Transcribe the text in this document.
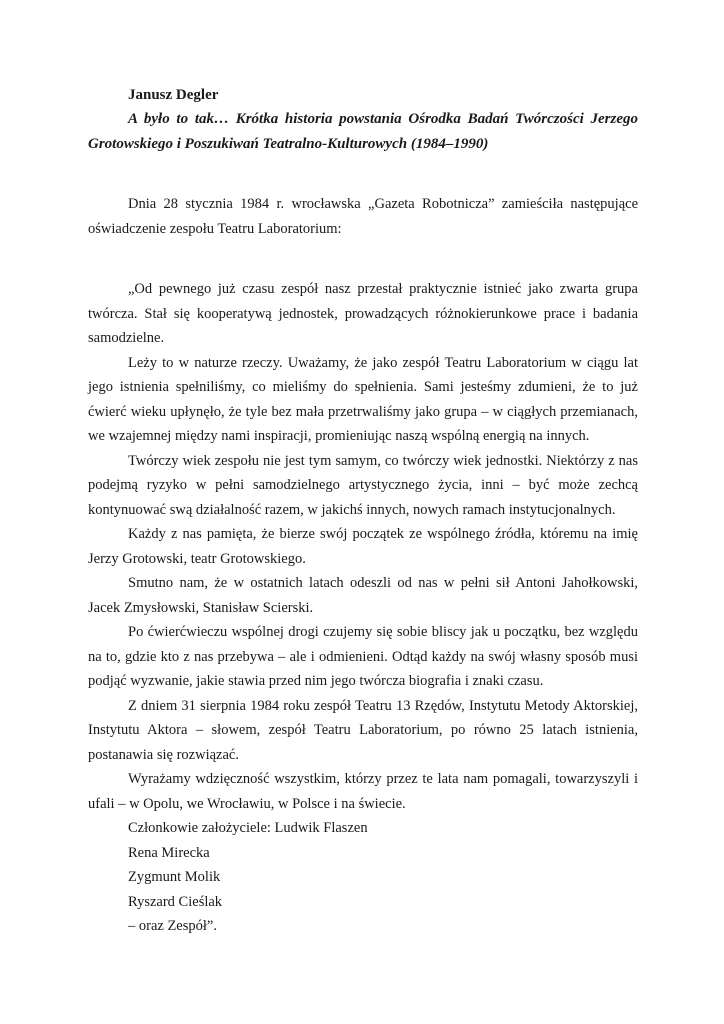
Janusz Degler

A było to tak… Krótka historia powstania Ośrodka Badań Twórczości Jerzego Grotowskiego i Poszukiwań Teatralno-Kulturowych (1984–1990)

Dnia 28 stycznia 1984 r. wrocławska „Gazeta Robotnicza” zamieściła następujące oświadczenie zespołu Teatru Laboratorium:

„Od pewnego już czasu zespół nasz przestał praktycznie istnieć jako zwarta grupa twórcza. Stał się kooperatywą jednostek, prowadzących różnokierunkowe prace i badania samodzielne.

Leży to w naturze rzeczy. Uważamy, że jako zespół Teatru Laboratorium w ciągu lat jego istnienia spełniliśmy, co mieliśmy do spełnienia. Sami jesteśmy zdumieni, że to już ćwierć wieku upłynęło, że tyle bez mała przetrwaliśmy jako grupa – w ciągłych przemianach, we wzajemnej między nami inspiracji, promieniując naszą wspólną energią na innych.

Twórczy wiek zespołu nie jest tym samym, co twórczy wiek jednostki. Niektórzy z nas podejmą ryzyko w pełni samodzielnego artystycznego życia, inni – być może zechcą kontynuować swą działalność razem, w jakichś innych, nowych ramach instytucjonalnych.

Każdy z nas pamięta, że bierze swój początek ze wspólnego źródła, któremu na imię Jerzy Grotowski, teatr Grotowskiego.

Smutno nam, że w ostatnich latach odeszli od nas w pełni sił Antoni Jahołkowski, Jacek Zmysłowski, Stanisław Scierski.

Po ćwierćwieczu wspólnej drogi czujemy się sobie bliscy jak u początku, bez względu na to, gdzie kto z nas przebywa – ale i odmienieni. Odtąd każdy na swój własny sposób musi podjąć wyzwanie, jakie stawia przed nim jego twórcza biografia i znaki czasu.

Z dniem 31 sierpnia 1984 roku zespół Teatru 13 Rzędów, Instytutu Metody Aktorskiej, Instytutu Aktora – słowem, zespół Teatru Laboratorium, po równo 25 latach istnienia, postanawia się rozwiązać.

Wyrażamy wdzięczność wszystkim, którzy przez te lata nam pomagali, towarzyszyli i ufali – w Opolu, we Wrocławiu, w Polsce i na świecie.

Członkowie założyciele: Ludwik Flaszen

Rena Mirecka

Zygmunt Molik

Ryszard Cieślak

– oraz Zespół”.
